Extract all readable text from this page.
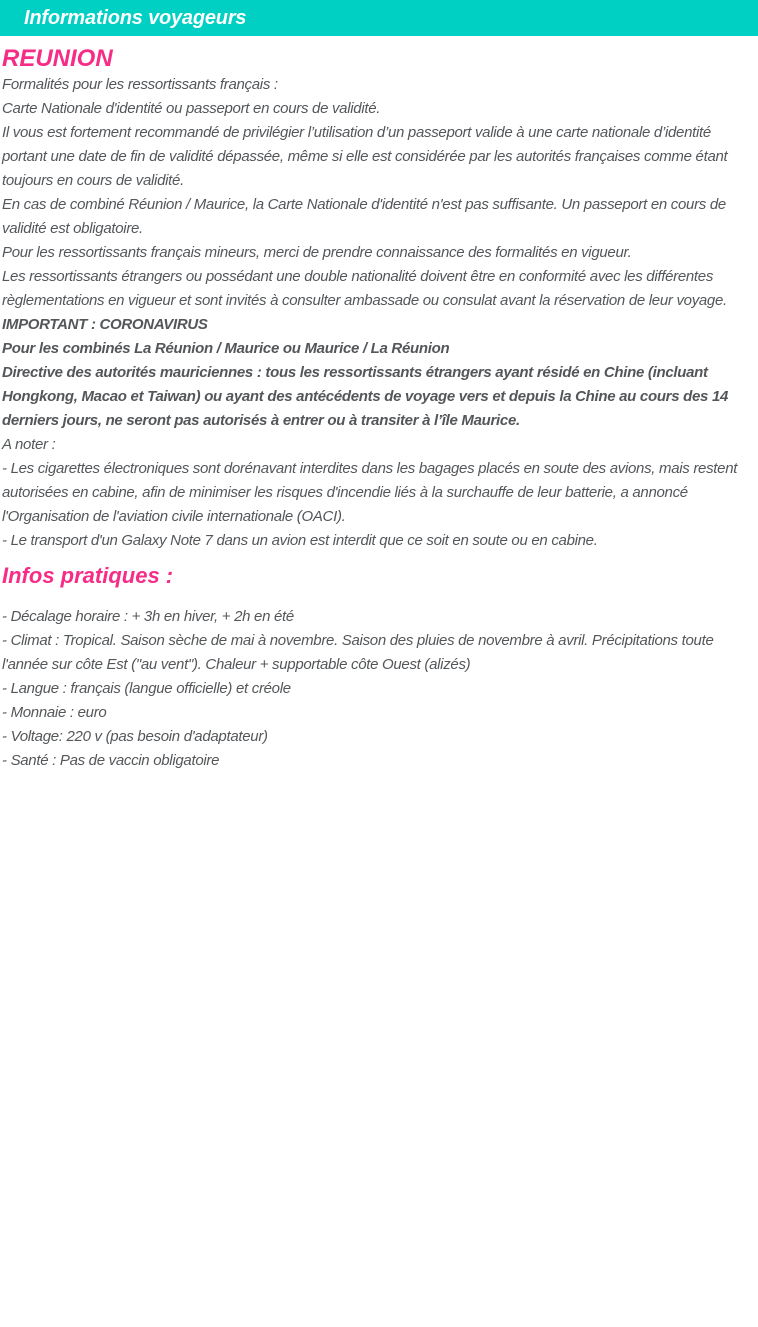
Informations voyageurs
REUNION

Formalités pour les ressortissants français :

Carte Nationale d'identité ou passeport en cours de validité.

Il vous est fortement recommandé de privilégier l’utilisation d’un passeport valide à une carte nationale d’identité portant une date de fin de validité dépassée, même si elle est considérée par les autorités françaises comme étant toujours en cours de validité.

En cas de combiné Réunion / Maurice, la Carte Nationale d'identité n'est pas suffisante. Un passeport en cours de validité est obligatoire.

Pour les ressortissants français mineurs, merci de prendre connaissance des formalités en vigueur.

Les ressortissants étrangers ou possédant une double nationalité doivent être en conformité avec les différentes règlementations en vigueur et sont invités à consulter ambassade ou consulat avant la réservation de leur voyage.

IMPORTANT : CORONAVIRUS

Pour les combinés La Réunion / Maurice ou Maurice / La Réunion

Directive des autorités mauriciennes : tous les ressortissants étrangers ayant résidé en Chine (incluant Hongkong, Macao et Taiwan) ou ayant des antécédents de voyage vers et depuis la Chine au cours des 14 derniers jours, ne seront pas autorisés à entrer ou à transiter à l’île Maurice.

A noter :

- Les cigarettes électroniques sont dorénavant interdites dans les bagages placés en soute des avions, mais restent autorisées en cabine, afin de minimiser les risques d'incendie liés à la surchauffe de leur batterie, a annoncé l'Organisation de l'aviation civile internationale (OACI).

- Le transport d'un Galaxy Note 7 dans un avion est interdit que ce soit en soute ou en cabine.

Infos pratiques :

- Décalage horaire : + 3h en hiver, + 2h en été

- Climat : Tropical. Saison sèche de mai à novembre. Saison des pluies de novembre à avril. Précipitations toute l'année sur côte Est ("au vent"). Chaleur + supportable côte Ouest (alizés)

- Langue : français (langue officielle) et créole

- Monnaie : euro

- Voltage: 220 v (pas besoin d'adaptateur)

- Santé : Pas de vaccin obligatoire
